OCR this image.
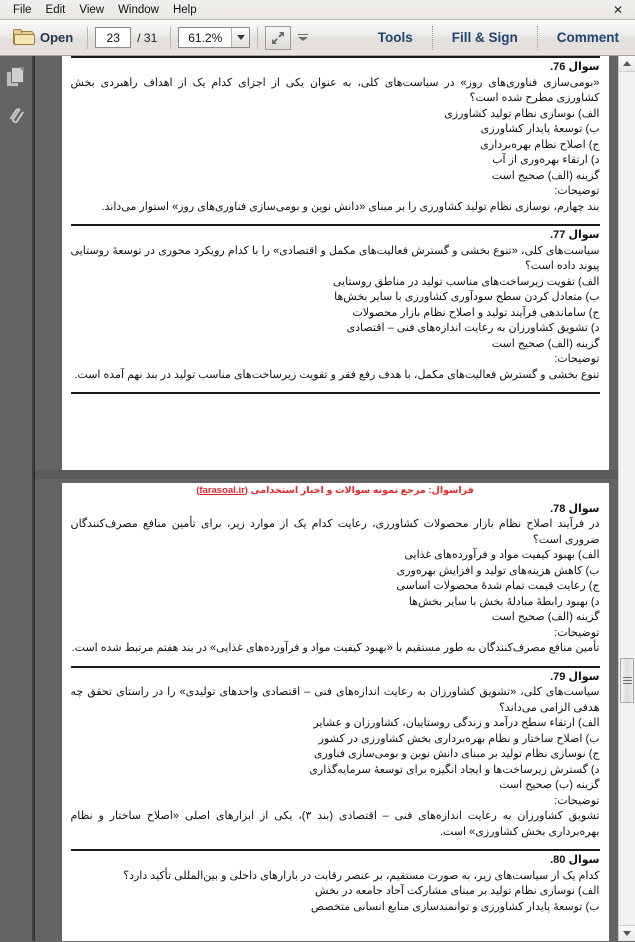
File	Edit	View	Window	Help	✕
Open	23	/ 31	61.2%	Tools	Fill & Sign	Comment

سوال 76.

«بومی‌سازی فناوری‌های روز» در سیاست‌های کلی، به عنوان یکی از اجزای کدام یک از اهداف راهبردی بخش کشاورزی مطرح شده است؟

الف) نوسازی نظام تولید کشاورزی

ب) توسعهٔ پایدار کشاورزی

ج) اصلاح نظام بهره‌برداری

د) ارتقاء بهره‌وری از آب

گزینه (الف) صحیح است

توضیحات:

بند چهارم، نوسازی نظام تولید کشاورزی را بر مبنای «دانش نوین و بومی‌سازی فناوری‌های روز» استوار می‌داند.

سوال 77.

سیاست‌های کلی، «تنوع بخشی و گسترش فعالیت‌های مکمل و اقتصادی» را با کدام رویکرد محوری در توسعهٔ روستایی پیوند داده است؟

الف) تقویت زیرساخت‌های مناسب تولید در مناطق روستایی

ب) متعادل کردن سطح سودآوری کشاورزی با سایر بخش‌ها

ج) ساماندهی فرآیند تولید و اصلاح نظام بازار محصولات

د) تشویق کشاورزان به رعایت اندازه‌های فنی – اقتصادی

گزینه (الف) صحیح است

توضیحات:

تنوع بخشی و گسترش فعالیت‌های مکمل، با هدف رفع فقر و تقویت زیرساخت‌های مناسب تولید در بند نهم آمده است.

فراسوال: مرجع نمونه سوالات و اخبار استخدامی (farasoal.ir)

سوال 78.

در فرآیند اصلاح نظام بازار محصولات کشاورزی، رعایت کدام یک از موارد زیر، برای تأمین منافع مصرف‌کنندگان ضروری است؟

الف) بهبود کیفیت مواد و فرآورده‌های غذایی

ب) کاهش هزینه‌های تولید و افزایش بهره‌وری

ج) رعایت قیمت تمام شدهٔ محصولات اساسی

د) بهبود رابطهٔ مبادلهٔ بخش با سایر بخش‌ها

گزینه (الف) صحیح است

توضیحات:

تأمین منافع مصرف‌کنندگان به طور مستقیم با «بهبود کیفیت مواد و فرآورده‌های غذایی» در بند هفتم مرتبط شده است.

سوال 79.

سیاست‌های کلی، «تشویق کشاورزان به رعایت اندازه‌های فنی – اقتصادی واحدهای تولیدی» را در راستای تحقق چه هدفی الزامی می‌داند؟

الف) ارتقاء سطح درآمد و زندگی روستاییان، کشاورزان و عشایر

ب) اصلاح ساختار و نظام بهره‌برداری بخش کشاورزی در کشور

ج) نوسازی نظام تولید بر مبنای دانش نوین و بومی‌سازی فناوری

د) گسترش زیرساخت‌ها و ایجاد انگیزه برای توسعهٔ سرمایه‌گذاری

گزینه (ب) صحیح است

توضیحات:

تشویق کشاورزان به رعایت اندازه‌های فنی – اقتصادی (بند ۳)، یکی از ابزارهای اصلی «اصلاح ساختار و نظام بهره‌برداری بخش کشاورزی» است.

سوال 80.

کدام یک از سیاست‌های زیر، به صورت مستقیم، بر عنصر رقابت در بازارهای داخلی و بین‌المللی تأکید دارد؟

الف) نوسازی نظام تولید بر مبنای مشارکت آحاد جامعه در بخش

ب) توسعهٔ پایدار کشاورزی و توانمندسازی منابع انسانی متخصص
